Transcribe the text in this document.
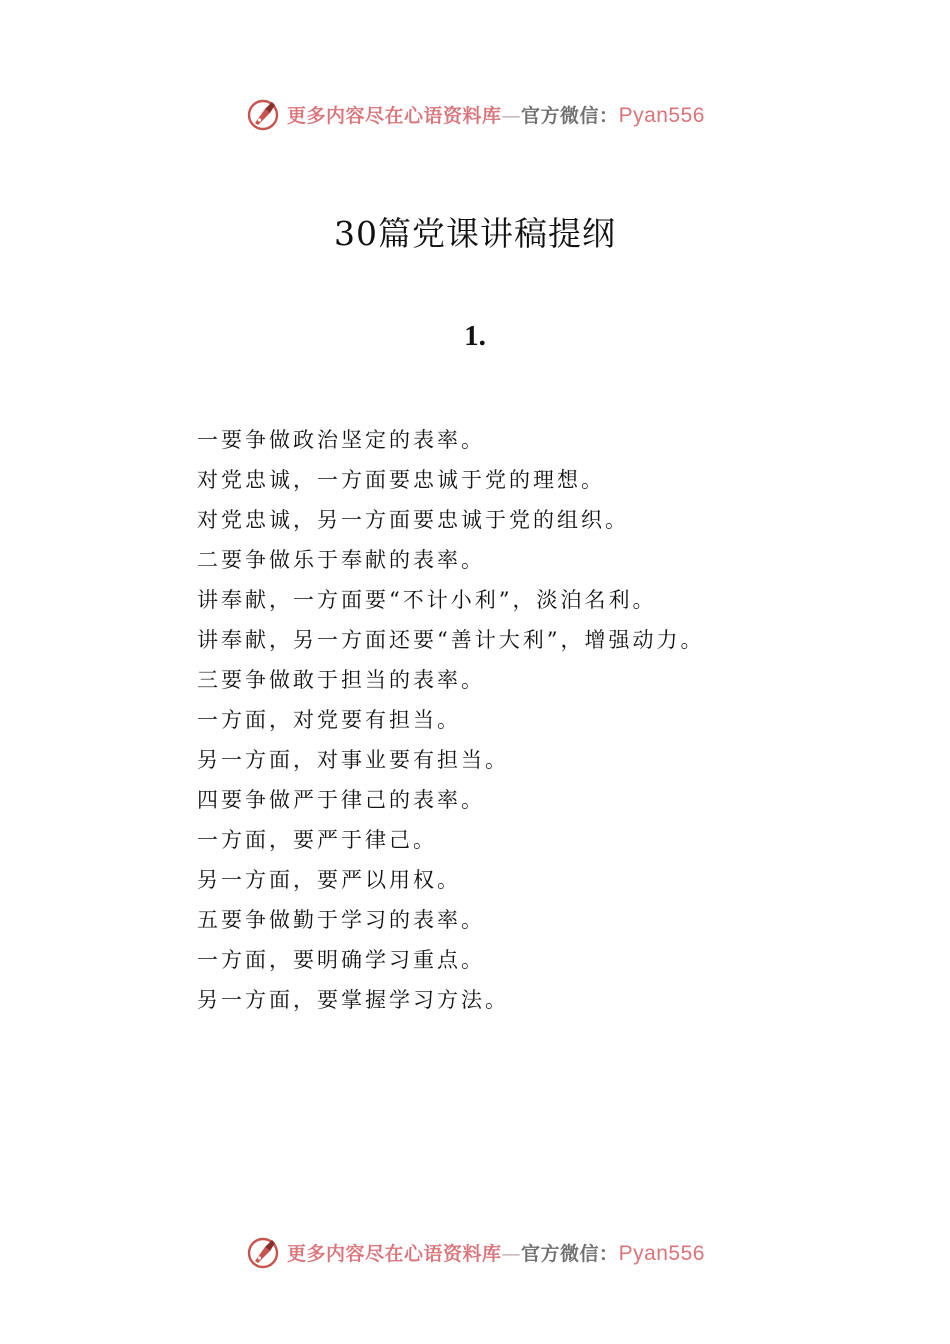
更多内容尽在心语资料库—官方微信：Pyan556
30篇党课讲稿提纲
1.
一要争做政治坚定的表率。
对党忠诚，一方面要忠诚于党的理想。
对党忠诚，另一方面要忠诚于党的组织。
二要争做乐于奉献的表率。
讲奉献，一方面要“不计小利”，淡泊名利。
讲奉献，另一方面还要“善计大利”，增强动力。
三要争做敢于担当的表率。
一方面，对党要有担当。
另一方面，对事业要有担当。
四要争做严于律己的表率。
一方面，要严于律己。
另一方面，要严以用权。
五要争做勤于学习的表率。
一方面，要明确学习重点。
另一方面，要掌握学习方法。
更多内容尽在心语资料库—官方微信：Pyan556
